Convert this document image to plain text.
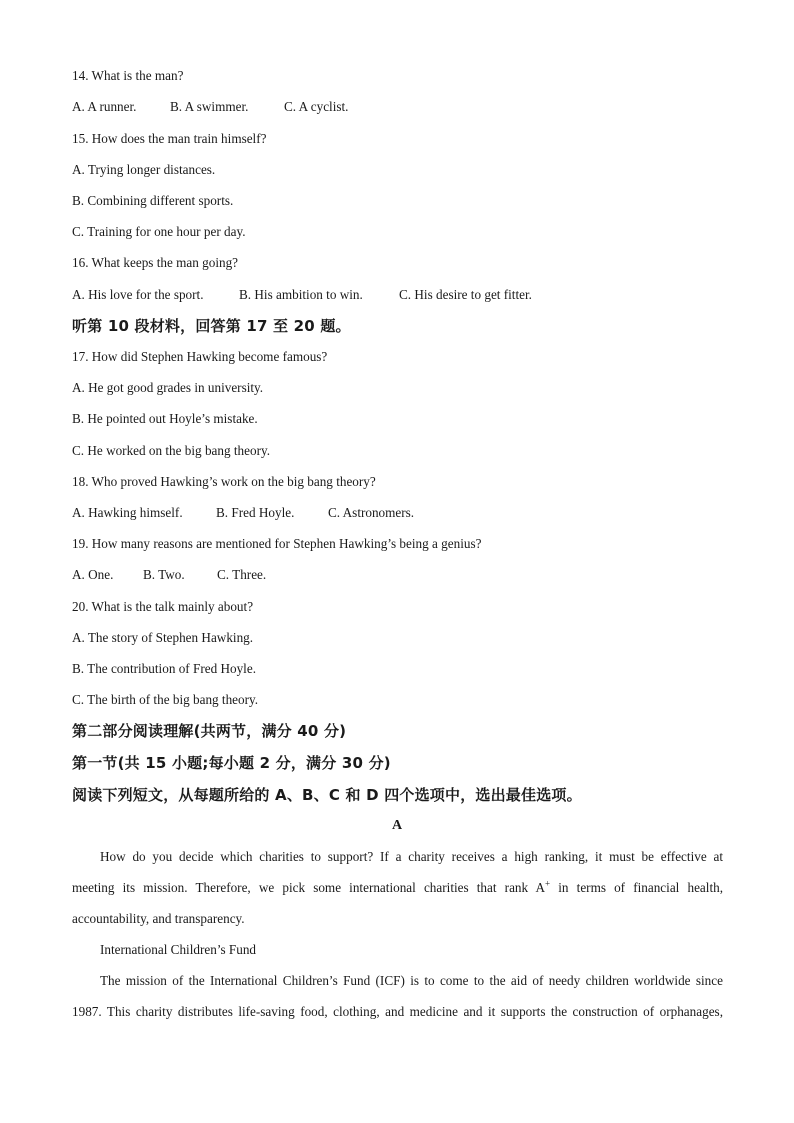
14. What is the man?
A. A runner.	B. A swimmer.	C. A cyclist.
15. How does the man train himself?
A. Trying longer distances.
B. Combining different sports.
C. Training for one hour per day.
16. What keeps the man going?
A. His love for the sport.	B. His ambition to win.	C. His desire to get fitter.
听第 10 段材料，回答第 17 至 20 题。
17. How did Stephen Hawking become famous?
A. He got good grades in university.
B. He pointed out Hoyle’s mistake.
C. He worked on the big bang theory.
18. Who proved Hawking’s work on the big bang theory?
A. Hawking himself.	B. Fred Hoyle.	C. Astronomers.
19. How many reasons are mentioned for Stephen Hawking’s being a genius?
A. One. B. Two. C. Three.
20. What is the talk mainly about?
A. The story of Stephen Hawking.
B. The contribution of Fred Hoyle.
C. The birth of the big bang theory.
第二部分阅读理解(共两节，满分 40 分)
第一节(共 15 小题;每小题 2 分，满分 30 分)
阅读下列短文，从每题所给的 A、B、C 和 D 四个选项中，选出最佳选项。
A
How do you decide which charities to support? If a charity receives a high ranking, it must be effective at
meeting its mission. Therefore, we pick some international charities that rank A+ in terms of financial health,
accountability, and transparency.
International Children’s Fund
The mission of the International Children’s Fund (ICF) is to come to the aid of needy children worldwide since
1987. This charity distributes life-saving food, clothing, and medicine and it supports the construction of orphanages,
